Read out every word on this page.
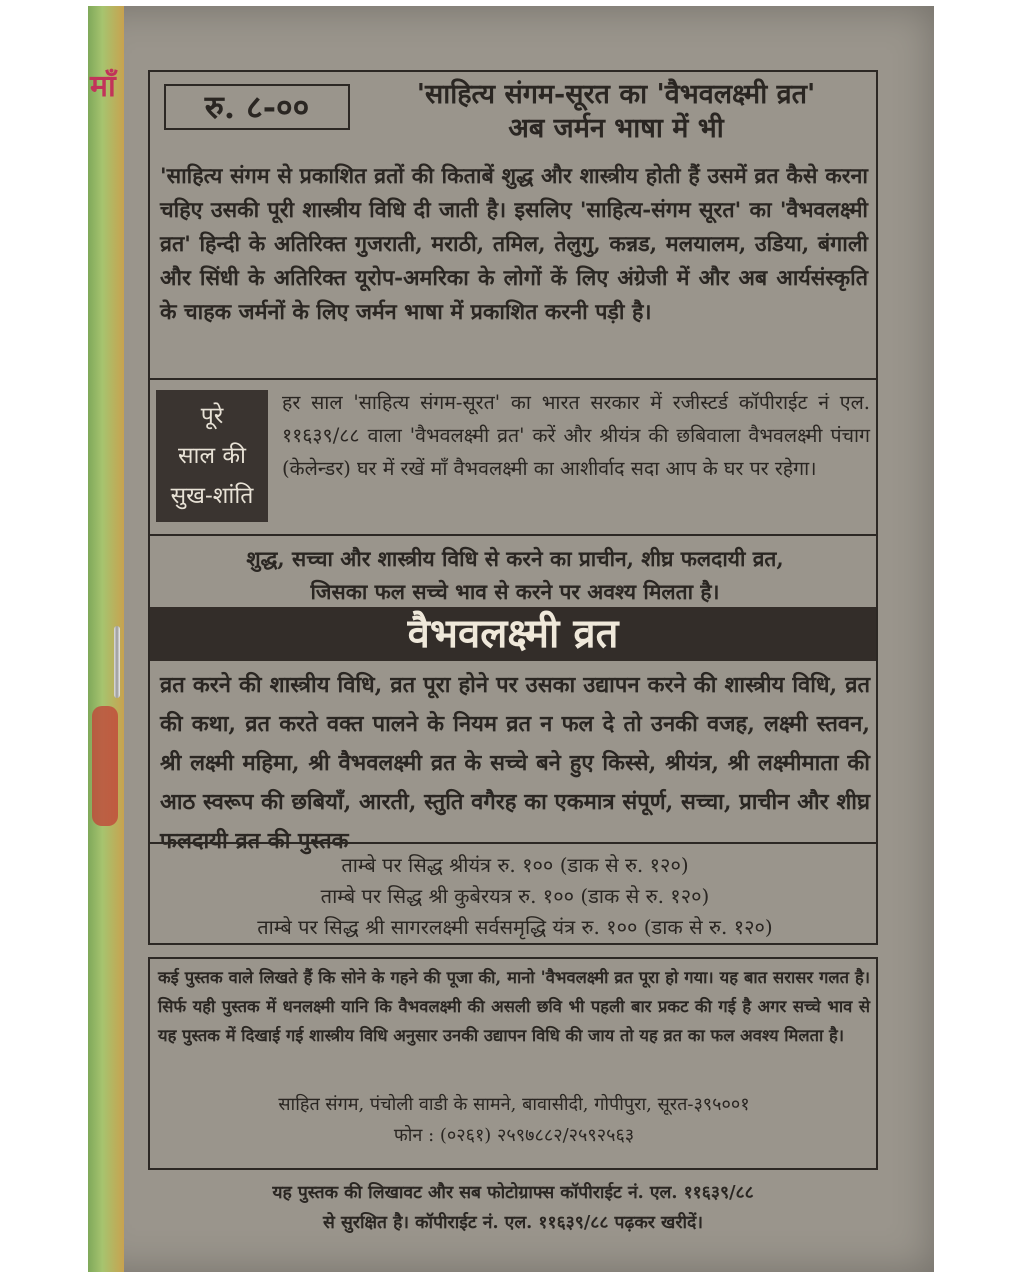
माँ
रु. ८-००	'साहित्य संगम-सूरत का 'वैभवलक्ष्मी व्रत'
अब जर्मन भाषा में भी
'साहित्य संगम से प्रकाशित व्रतों की किताबें शुद्ध और शास्त्रीय होती हैं उसमें व्रत कैसे करना चहिए उसकी पूरी शास्त्रीय विधि दी जाती है। इसलिए 'साहित्य-संगम सूरत' का 'वैभवलक्ष्मी व्रत' हिन्दी के अतिरिक्त गुजराती, मराठी, तमिल, तेलुगु, कन्नड, मलयालम, उडिया, बंगाली और सिंधी के अतिरिक्त यूरोप-अमरिका के लोगों कें लिए अंग्रेजी में और अब आर्यसंस्कृति के चाहक जर्मनों के लिए जर्मन भाषा में प्रकाशित करनी पड़ी है।
पूरे
साल की
सुख-शांति
हर साल 'साहित्य संगम-सूरत' का भारत सरकार में रजीस्टर्ड कॉपीराईट नं एल. ११६३९/८८ वाला 'वैभवलक्ष्मी व्रत' करें और श्रीयंत्र की छबिवाला वैभवलक्ष्मी पंचाग (केलेन्डर) घर में रखें माँ वैभवलक्ष्मी का आशीर्वाद सदा आप के घर पर रहेगा।
शुद्ध, सच्चा और शास्त्रीय विधि से करने का प्राचीन, शीघ्र फलदायी व्रत,
जिसका फल सच्चे भाव से करने पर अवश्य मिलता है।
वैभवलक्ष्मी व्रत
व्रत करने की शास्त्रीय विधि, व्रत पूरा होने पर उसका उद्यापन करने की शास्त्रीय विधि, व्रत की कथा, व्रत करते वक्त पालने के नियम व्रत न फल दे तो उनकी वजह, लक्ष्मी स्तवन, श्री लक्ष्मी महिमा, श्री वैभवलक्ष्मी व्रत के सच्चे बने हुए किस्से, श्रीयंत्र, श्री लक्ष्मीमाता की आठ स्वरूप की छबियाँ, आरती, स्तुति वगैरह का एकमात्र संपूर्ण, सच्चा, प्राचीन और शीघ्र फलदायी व्रत की पुस्तक
ताम्बे पर सिद्ध श्रीयंत्र रु. १०० (डाक से रु. १२०)
ताम्बे पर सिद्ध श्री कुबेरयत्र रु. १०० (डाक से रु. १२०)
ताम्बे पर सिद्ध श्री सागरलक्ष्मी सर्वसमृद्धि यंत्र रु. १०० (डाक से रु. १२०)
कई पुस्तक वाले लिखते हैं कि सोने के गहने की पूजा की, मानो 'वैभवलक्ष्मी व्रत पूरा हो गया। यह बात सरासर गलत है। सिर्फ यही पुस्तक में धनलक्ष्मी यानि कि वैभवलक्ष्मी की असली छवि भी पहली बार प्रकट की गई है अगर सच्चे भाव से यह पुस्तक में दिखाई गई शास्त्रीय विधि अनुसार उनकी उद्यापन विधि की जाय तो यह व्रत का फल अवश्य मिलता है।
साहित संगम, पंचोली वाडी के सामने, बावासीदी, गोपीपुरा, सूरत-३९५००१
फोन : (०२६१) २५९७८८२/२५९२५६३
यह पुस्तक की लिखावट और सब फोटोग्राफ्स कॉपीराईट नं. एल. ११६३९/८८
से सुरक्षित है। कॉपीराईट नं. एल. ११६३९/८८ पढ़कर खरीदें।
